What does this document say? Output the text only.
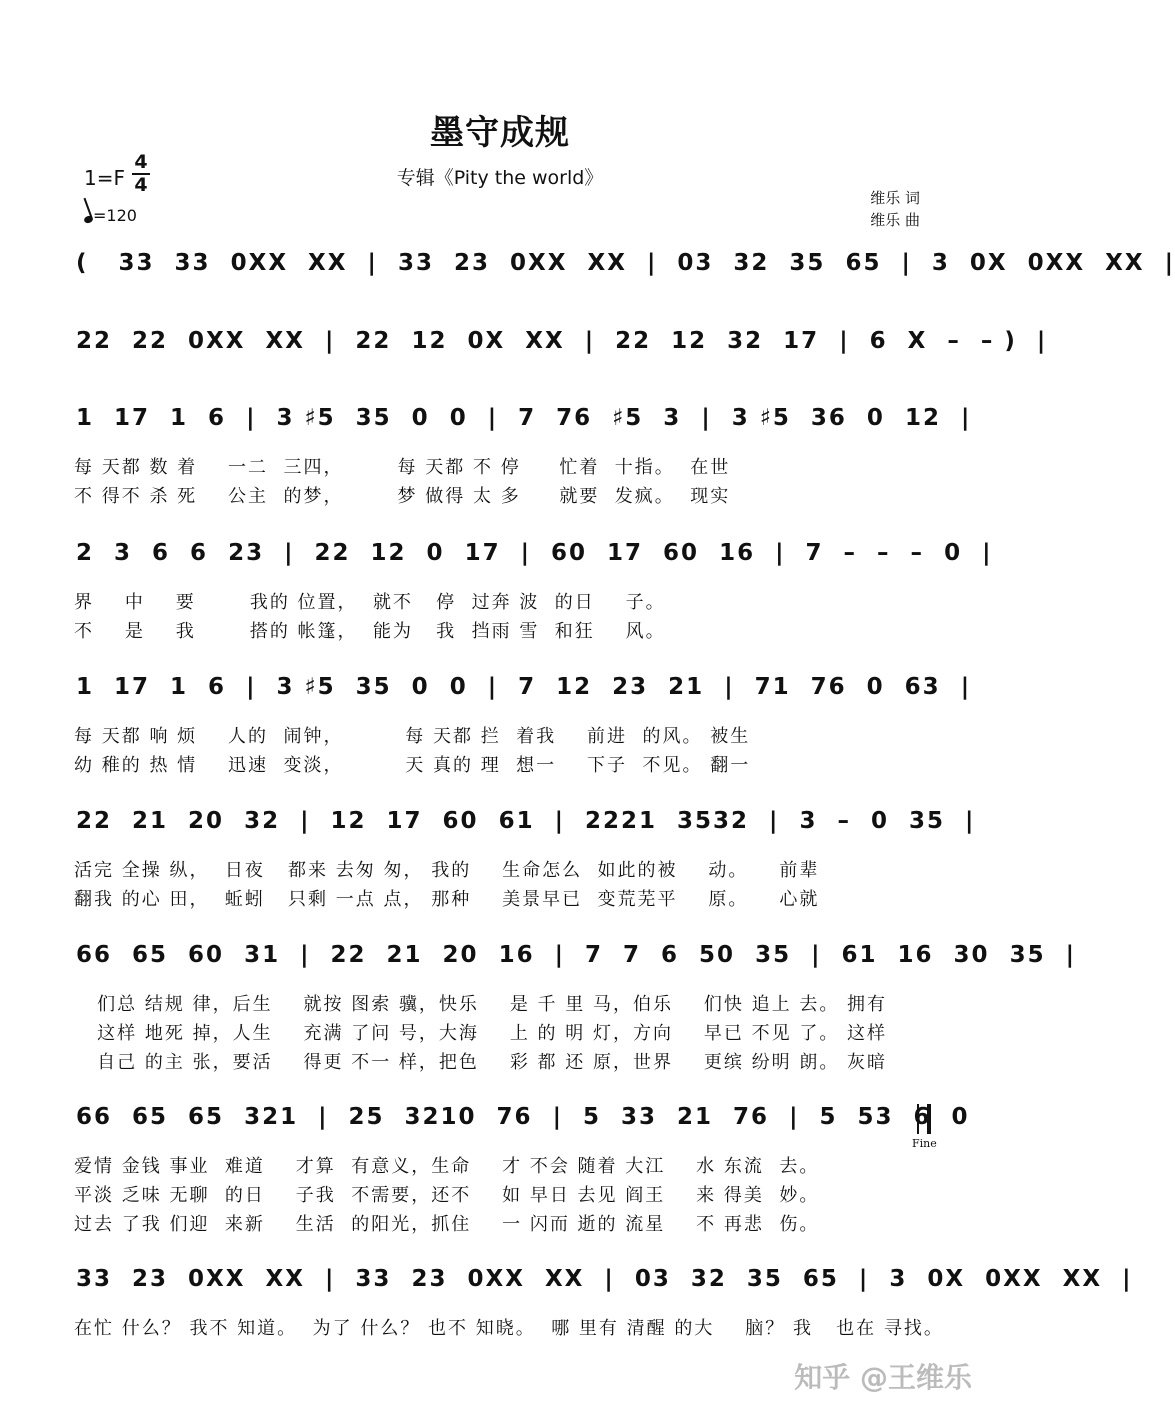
墨守成规
专辑《Pity the world》
1=F
4
4
=120
维乐 词
维乐 曲
(   33  33  0XX  XX  |  33  23  0XX  XX  |  03  32  35  65  |  3  0X  0XX  XX  |
22  22  0XX  XX  |  22  12  0X  XX  |  22  12  32  17  |  6  X  –  – )  |
1  17  1  6  |  3 ♯5  35  0  0  |  7  76  ♯5  3  |  3 ♯5  36  0  12  |
每 天都 数 着    一二  三四，       每 天都 不 停     忙着  十指。  在世
不 得不 杀 死    公主  的梦，       梦 做得 太 多     就要  发疯。  现实
2  3  6  6  23  |  22  12  0  17  |  60  17  60  16  |  7  –  –  –  0  |
界    中    要       我的 位置，  就不   停  过奔 波  的日    子。
不    是    我       搭的 帐篷，  能为   我  挡雨 雪  和狂    风。
1  17  1  6  |  3 ♯5  35  0  0  |  7  12  23  21  |  71  76  0  63  |
每 天都 响 烦    人的  闹钟，        每 天都 拦  着我    前进  的风。 被生
幼 稚的 热 情    迅速  变淡，        天 真的 理  想一    下子  不见。 翻一
22  21  20  32  |  12  17  60  61  |  2221  3532  |  3  –  0  35  |
活完 全操 纵，  日夜   都来 去匆 匆， 我的    生命怎么  如此的被    动。    前辈
翻我 的心 田，  蚯蚓   只剩 一点 点， 那种    美景早已  变荒芜平    原。    心就
66  65  60  31  |  22  21  20  16  |  7  7  6  50  35  |  61  16  30  35  |
们总 结规 律，后生    就按 图索 骥，快乐    是 千 里 马，伯乐    们快 追上 去。 拥有
这样 地死 掉，人生    充满 了问 号，大海    上 的 明 灯，方向    早已 不见 了。 这样
自己 的主 张，要活    得更 不一 样，把色    彩 都 还 原，世界    更缤 纷明 朗。 灰暗
66  65  65  321  |  25  3210  76  |  5  33  21  76  |  5  53  6  0
爱情 金钱 事业  难道    才算  有意义，生命    才 不会 随着 大江    水 东流  去。
平淡 乏味 无聊  的日    子我  不需要，还不    如 早日 去见 阎王    来 得美  妙。
过去 了我 们迎  来新    生活  的阳光，抓住    一 闪而 逝的 流星    不 再悲  伤。
33  23  0XX  XX  |  33  23  0XX  XX  |  03  32  35  65  |  3  0X  0XX  XX  |
在忙 什么？ 我不 知道。  为了 什么？ 也不 知晓。  哪 里有 清醒 的大    脑？ 我   也在 寻找。
Fine
知乎 @王维乐
